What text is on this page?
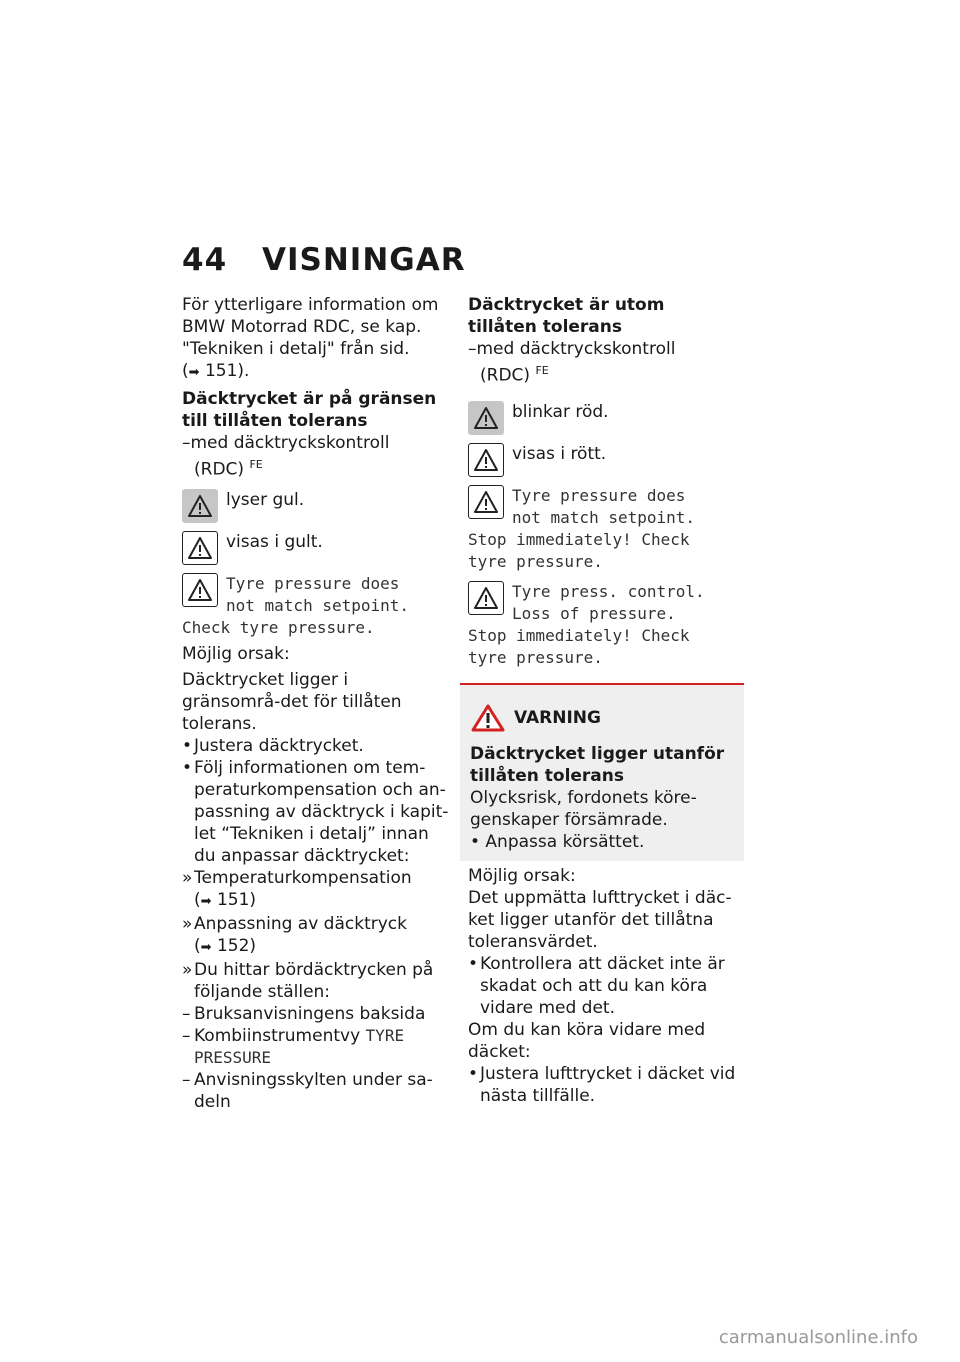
44 VISNINGAR

För ytterligare information om BMW Motorrad RDC, se kap. "Tekniken i detalj" från sid.
(➡ 151).

Däcktrycket är på gränsen till tillåten tolerans

–med däcktryckskontroll

(RDC) $^{FE}$

lyser gul.
visas i gult.
Tyre pressure does
not match setpoint.

Check tyre pressure.

Möjlig orsak:

Däcktrycket ligger i gränsområ-det för tillåten tolerans.

• Justera däcktrycket.

• Följ informationen om tem-peraturkompensation och an-passning av däcktryck i kapit-let “Tekniken i detalj” innan du anpassar däcktrycket:

» Temperaturkompensation
(➡ 151)

» Anpassning av däcktryck
(➡ 152)

» Du hittar bördäcktrycken på följande ställen:

– Bruksanvisningens baksida

– Kombiinstrumentvy TYRE
PRESSURE

– Anvisningsskylten under sa-deln

Däcktrycket är utom tillåten tolerans

–med däcktryckskontroll

(RDC) $^{FE}$

blinkar röd.
visas i rött.
Tyre pressure does
not match setpoint.

Stop immediately! Check

tyre pressure.

Tyre press. control.
Loss of pressure.

Stop immediately! Check

tyre pressure.

VARNING

Däcktrycket ligger utanför tillåten tolerans

Olycksrisk, fordonets köre-genskaper försämrade.

• Anpassa körsättet.

Möjlig orsak:

Det uppmätta lufttrycket i däc-ket ligger utanför det tillåtna toleransvärdet.

• Kontrollera att däcket inte är skadat och att du kan köra vidare med det.

Om du kan köra vidare med däcket:

• Justera lufttrycket i däcket vid nästa tillfälle.

carmanualsonline.info
